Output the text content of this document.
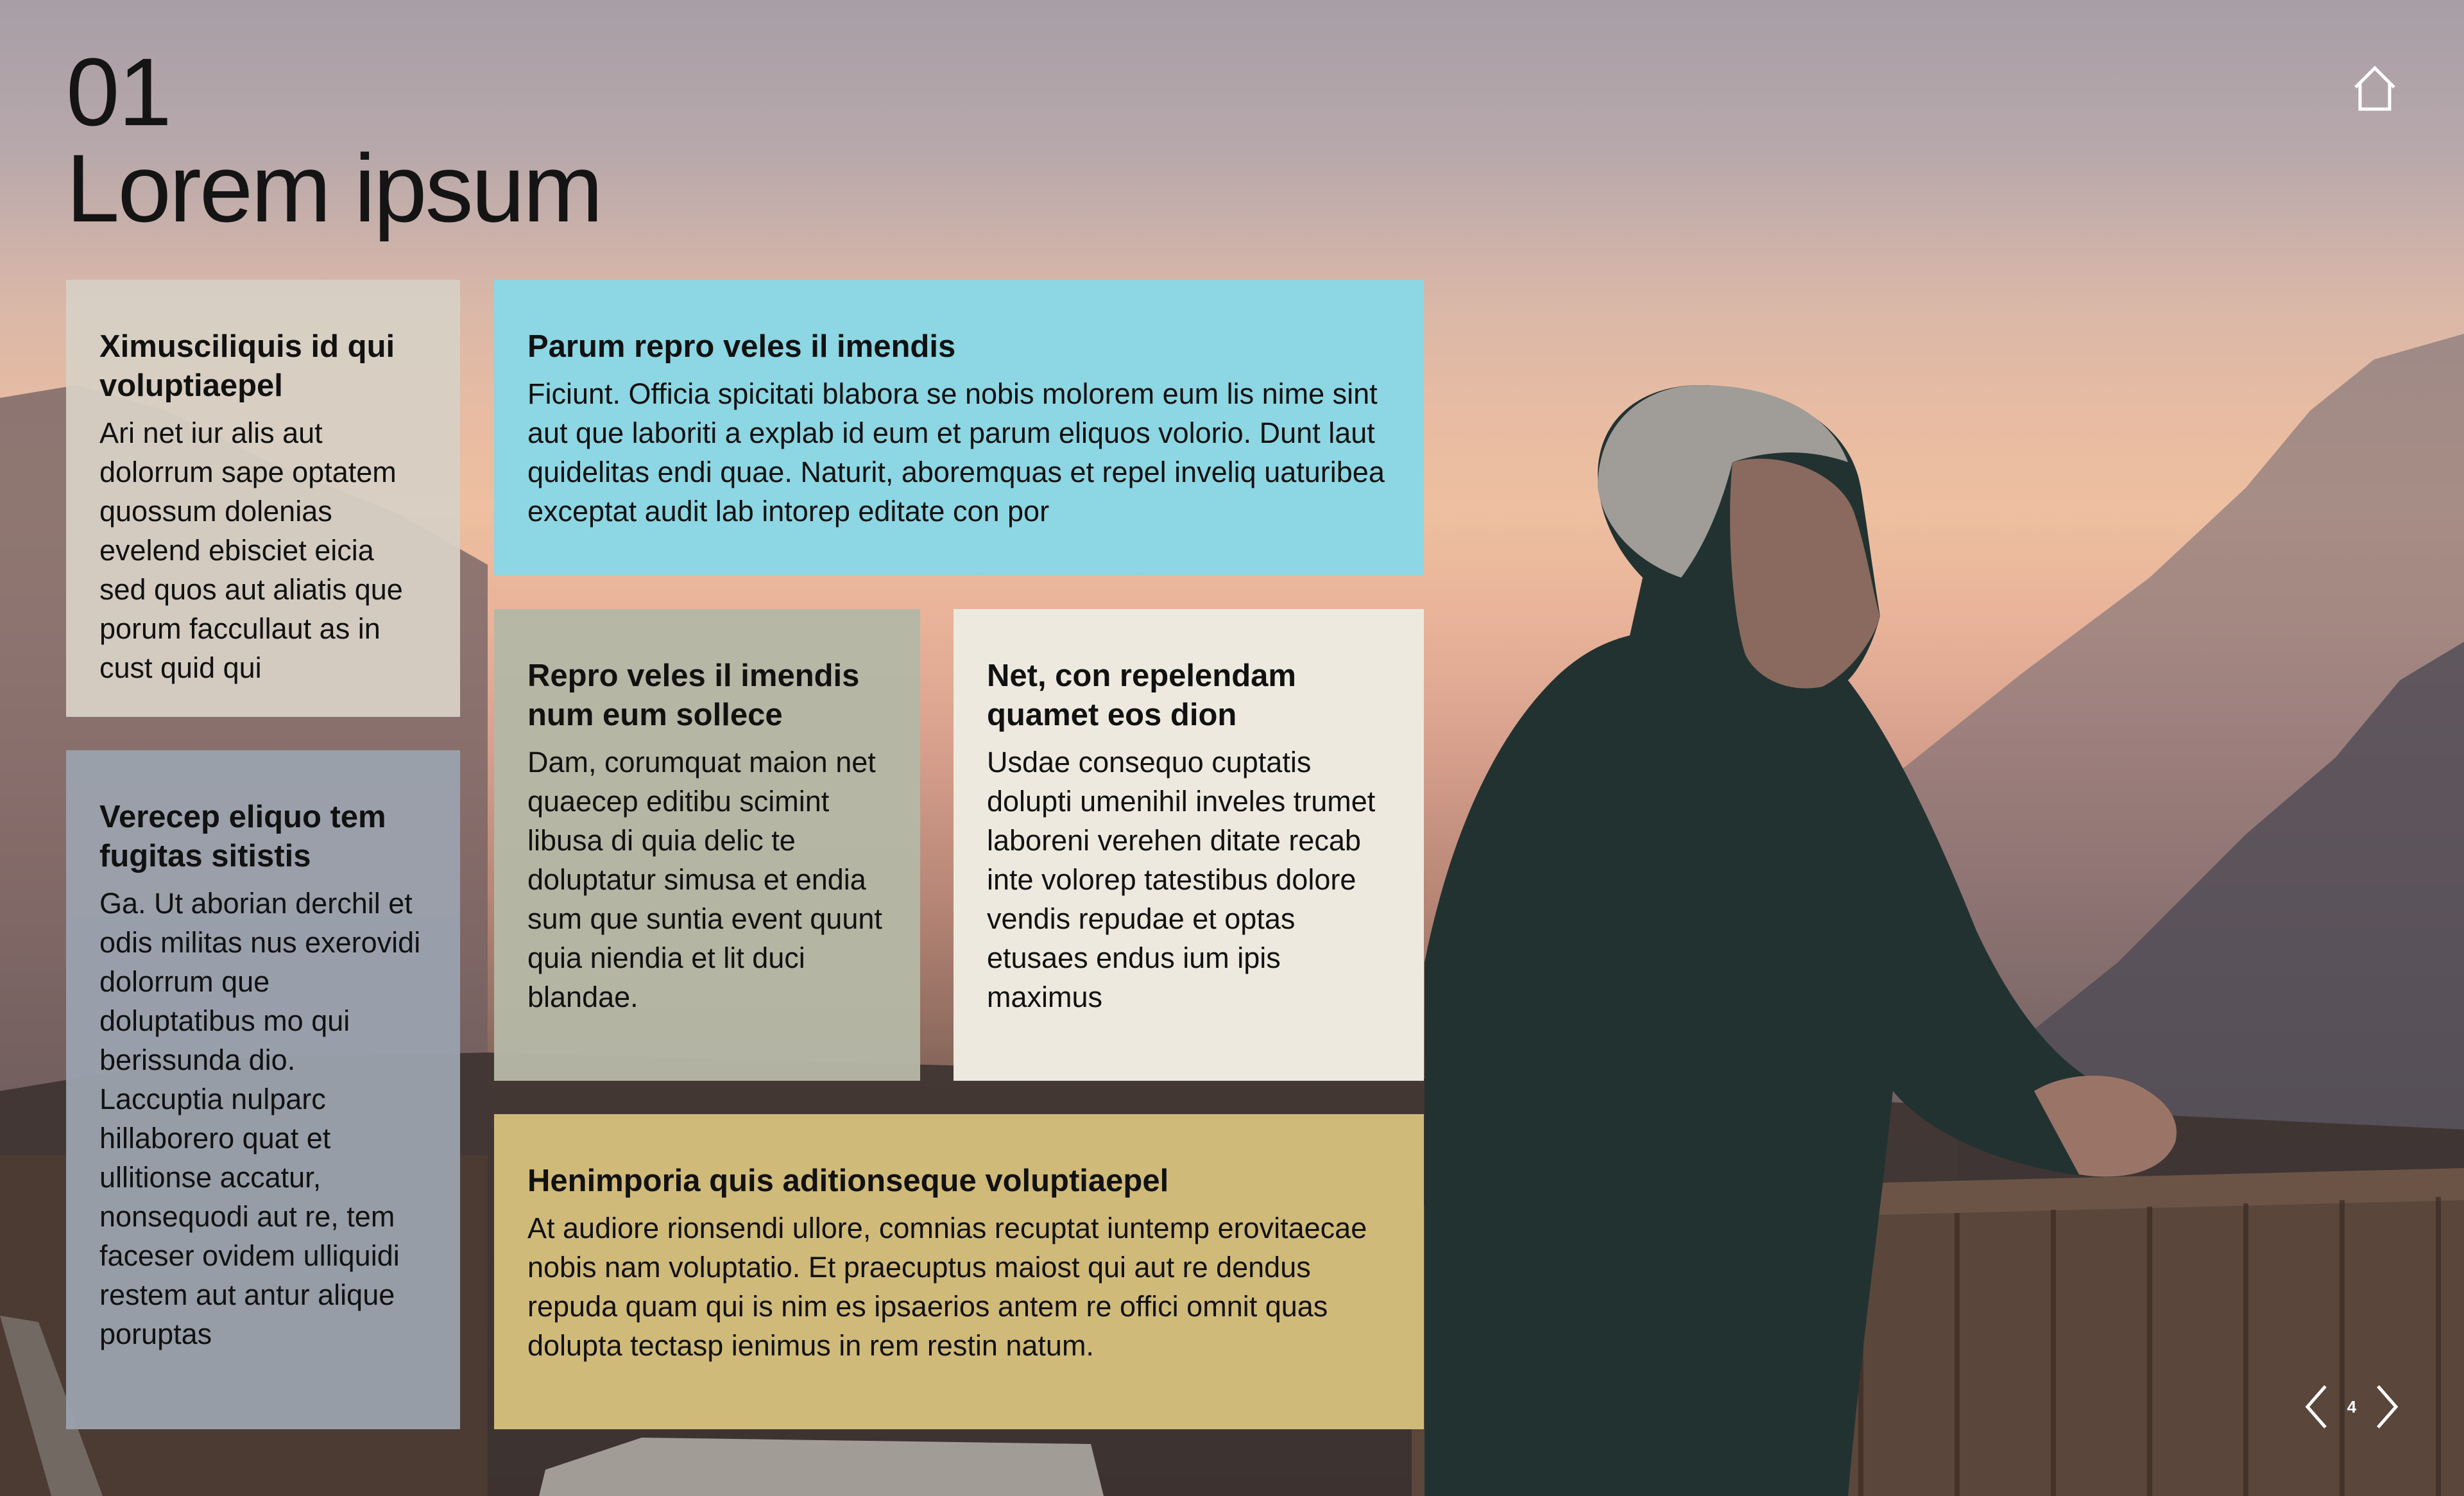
01
Lorem ipsum
Ximusciliquis id qui voluptiaepel

Ari net iur alis aut dolorrum sape optatem quossum dolenias evelend ebisciet eicia sed quos aut aliatis que porum faccullaut as in cust quid qui

Parum repro veles il imendis

Ficiunt. Officia spicitati blabora se nobis molorem eum lis nime sint aut que laboriti a explab id eum et parum eliquos volorio. Dunt laut quidelitas endi quae. Naturit, aboremquas et repel inveliq uaturibea exceptat audit lab intorep editate con por

Repro veles il imendis num eum sollece

Dam, corumquat maion net quaecep editibu scimint libusa di quia delic te doluptatur simusa et endia sum que suntia event quunt quia niendia et lit duci blandae.

Net, con repelendam quamet eos dion

Usdae consequo cuptatis dolupti umenihil inveles trumet laboreni verehen ditate recab inte volorep tatestibus dolore vendis repudae et optas etusaes endus ium ipis maximus

Verecep eliquo tem fugitas sitistis

Ga. Ut aborian derchil et odis militas nus exerovidi dolorrum que doluptatibus mo qui berissunda dio. Laccuptia nulparc hillaborero quat et ullitionse accatur, nonsequodi aut re, tem faceser ovidem ulliquidi restem aut antur alique poruptas

Henimporia quis aditionseque voluptiaepel

At audiore rionsendi ullore, comnias recuptat iuntemp erovitaecae nobis nam voluptatio. Et praecuptus maiost qui aut re dendus repuda quam qui is nim es ipsaerios antem re offici omnit quas dolupta tectasp ienimus in rem restin natum.

4
